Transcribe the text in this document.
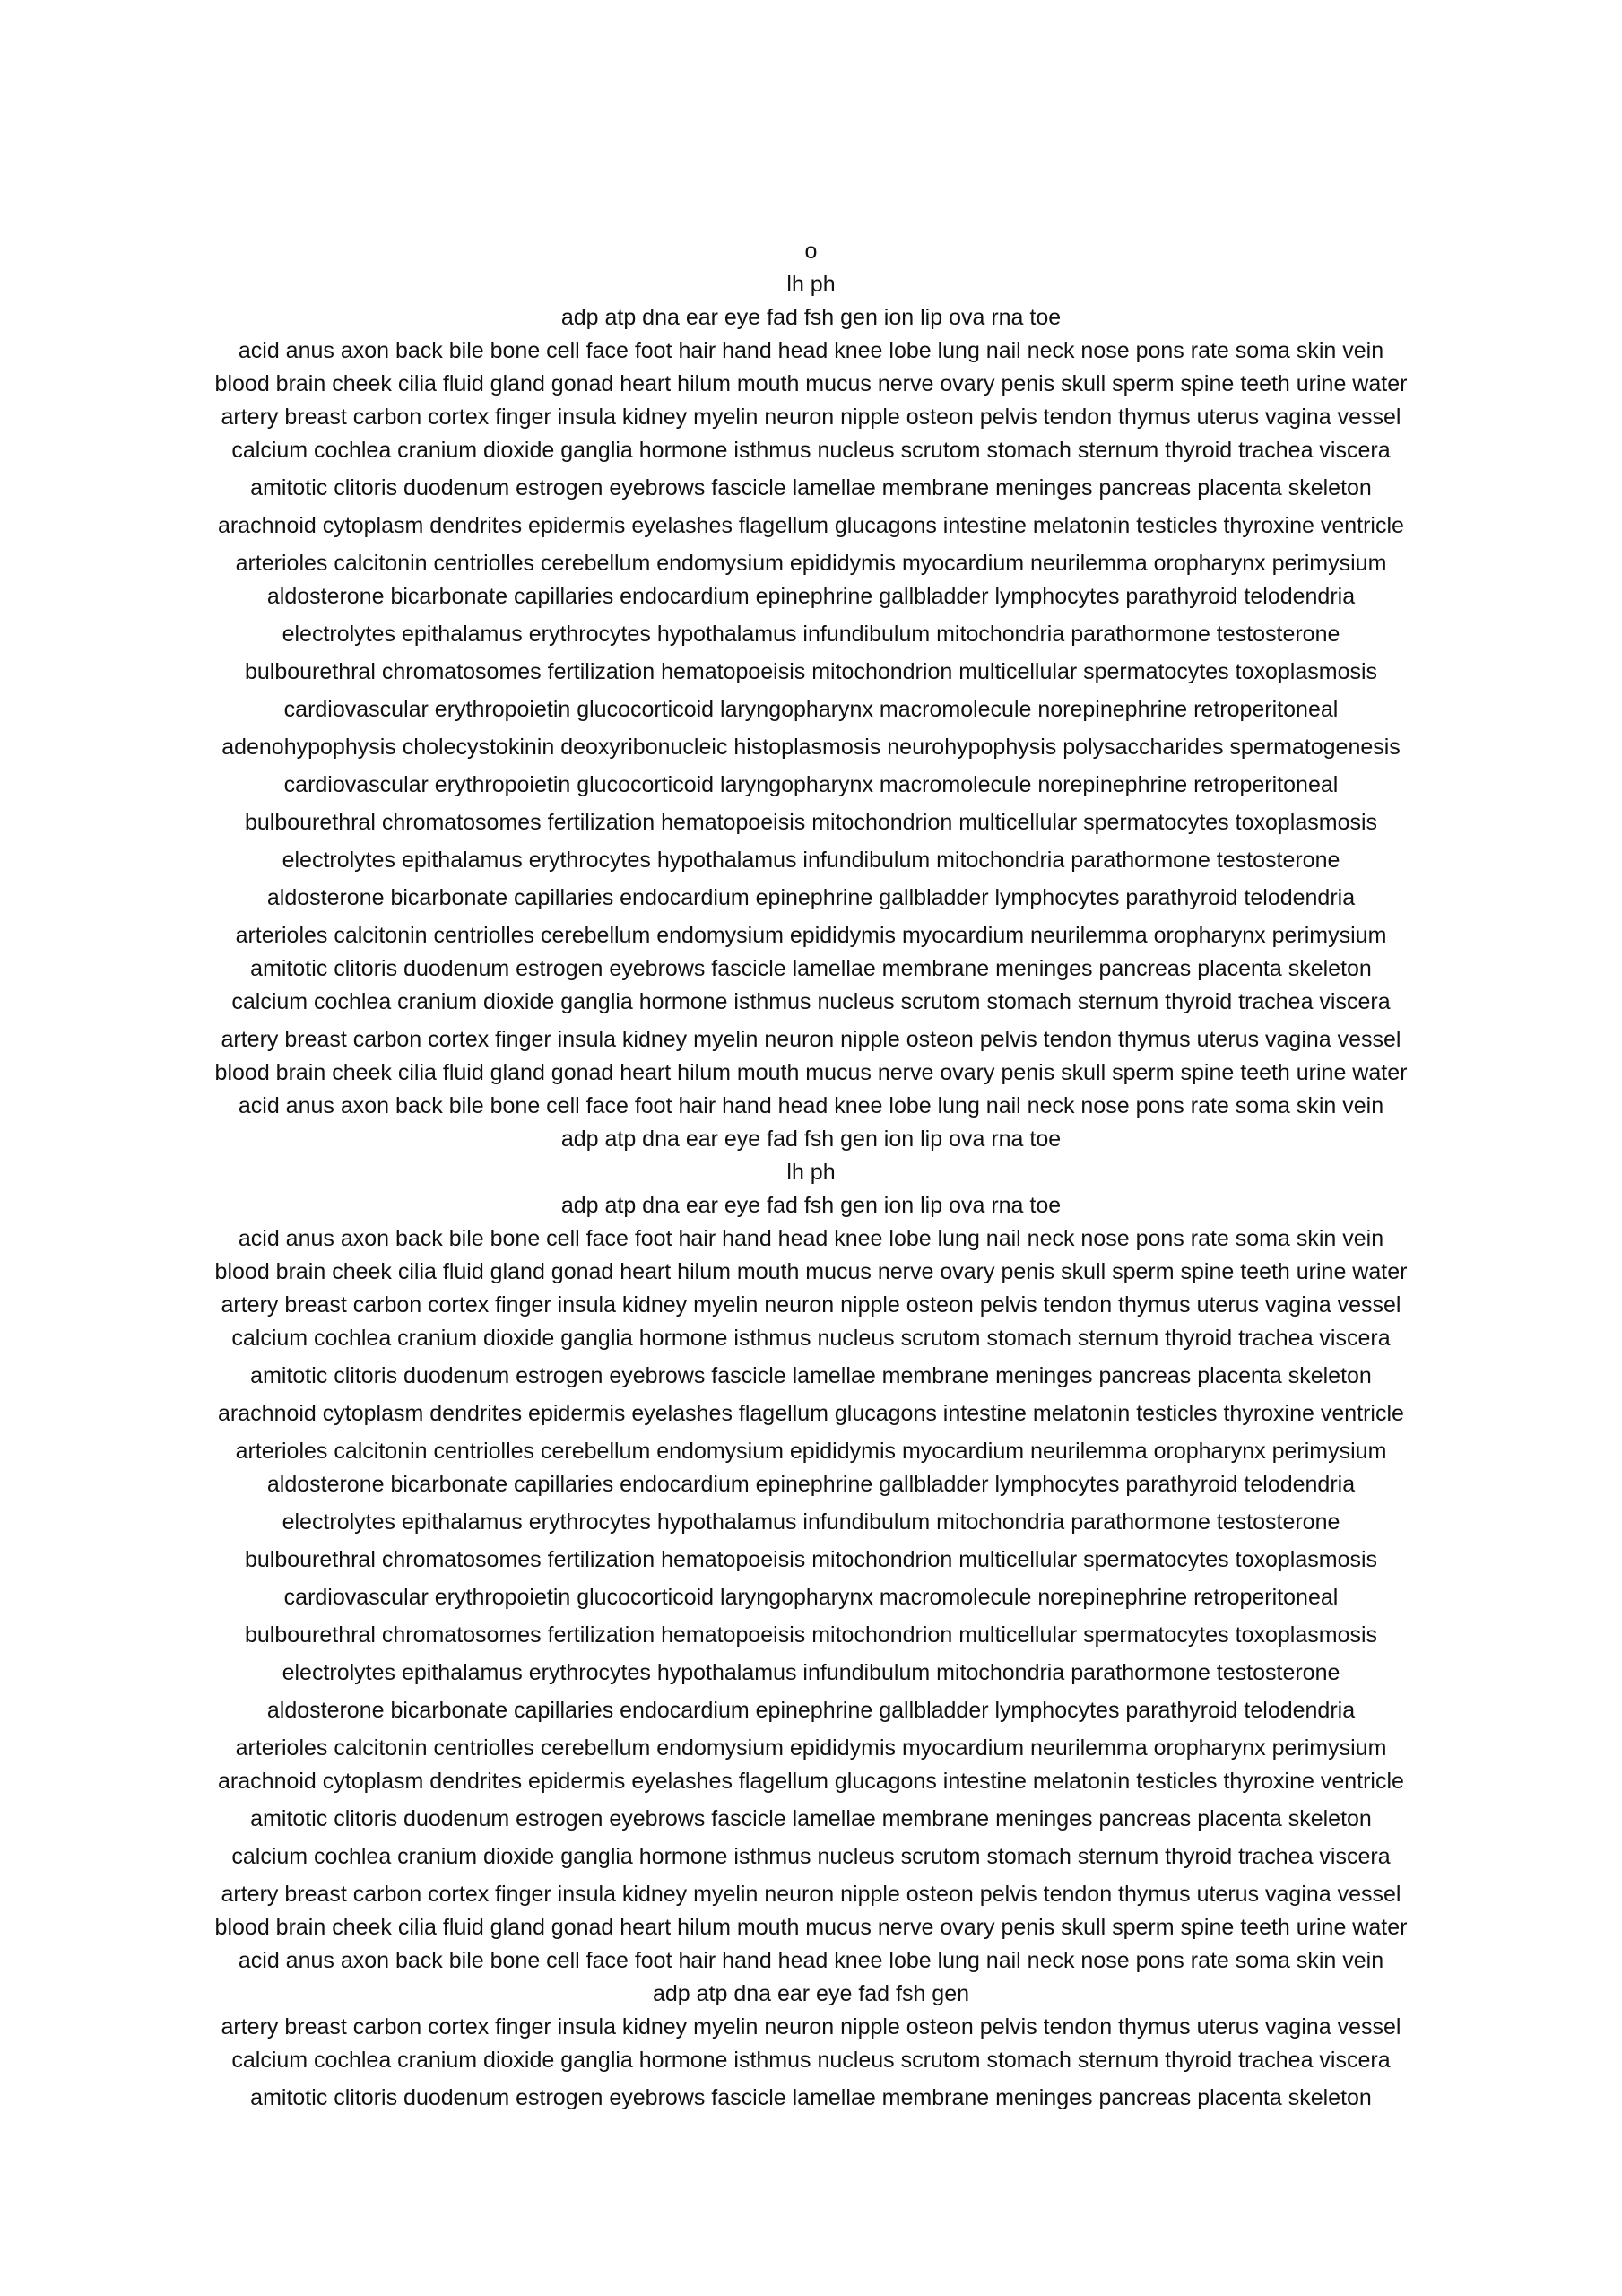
o
lh ph
adp atp dna ear eye fad fsh gen ion lip ova rna toe
acid anus axon back bile bone cell face foot hair hand head knee lobe lung nail neck nose pons rate soma skin vein
blood brain cheek cilia fluid gland gonad heart hilum mouth mucus nerve ovary penis skull sperm spine teeth urine water
artery breast carbon cortex finger insula kidney myelin neuron nipple osteon pelvis tendon thymus uterus vagina vessel
calcium cochlea cranium dioxide ganglia hormone isthmus nucleus scrutom stomach sternum thyroid trachea viscera
amitotic clitoris duodenum estrogen eyebrows fascicle lamellae membrane meninges pancreas placenta skeleton
arachnoid cytoplasm dendrites epidermis eyelashes flagellum glucagons intestine melatonin testicles thyroxine ventricle
arterioles calcitonin centriolles cerebellum endomysium epididymis myocardium neurilemma oropharynx perimysium
aldosterone bicarbonate capillaries endocardium epinephrine gallbladder lymphocytes parathyroid telodendria
electrolytes epithalamus erythrocytes hypothalamus infundibulum mitochondria parathormone testosterone
bulbourethral chromatosomes fertilization hematopoeisis mitochondrion multicellular spermatocytes toxoplasmosis
cardiovascular erythropoietin glucocorticoid laryngopharynx macromolecule norepinephrine retroperitoneal
adenohypophysis cholecystokinin deoxyribonucleic histoplasmosis neurohypophysis polysaccharides spermatogenesis
cardiovascular erythropoietin glucocorticoid laryngopharynx macromolecule norepinephrine retroperitoneal
bulbourethral chromatosomes fertilization hematopoeisis mitochondrion multicellular spermatocytes toxoplasmosis
electrolytes epithalamus erythrocytes hypothalamus infundibulum mitochondria parathormone testosterone
aldosterone bicarbonate capillaries endocardium epinephrine gallbladder lymphocytes parathyroid telodendria
arterioles calcitonin centriolles cerebellum endomysium epididymis myocardium neurilemma oropharynx perimysium
amitotic clitoris duodenum estrogen eyebrows fascicle lamellae membrane meninges pancreas placenta skeleton
calcium cochlea cranium dioxide ganglia hormone isthmus nucleus scrutom stomach sternum thyroid trachea viscera
artery breast carbon cortex finger insula kidney myelin neuron nipple osteon pelvis tendon thymus uterus vagina vessel
blood brain cheek cilia fluid gland gonad heart hilum mouth mucus nerve ovary penis skull sperm spine teeth urine water
acid anus axon back bile bone cell face foot hair hand head knee lobe lung nail neck nose pons rate soma skin vein
adp atp dna ear eye fad fsh gen ion lip ova rna toe
lh ph
adp atp dna ear eye fad fsh gen ion lip ova rna toe
acid anus axon back bile bone cell face foot hair hand head knee lobe lung nail neck nose pons rate soma skin vein
blood brain cheek cilia fluid gland gonad heart hilum mouth mucus nerve ovary penis skull sperm spine teeth urine water
artery breast carbon cortex finger insula kidney myelin neuron nipple osteon pelvis tendon thymus uterus vagina vessel
calcium cochlea cranium dioxide ganglia hormone isthmus nucleus scrutom stomach sternum thyroid trachea viscera
amitotic clitoris duodenum estrogen eyebrows fascicle lamellae membrane meninges pancreas placenta skeleton
arachnoid cytoplasm dendrites epidermis eyelashes flagellum glucagons intestine melatonin testicles thyroxine ventricle
arterioles calcitonin centriolles cerebellum endomysium epididymis myocardium neurilemma oropharynx perimysium
aldosterone bicarbonate capillaries endocardium epinephrine gallbladder lymphocytes parathyroid telodendria
electrolytes epithalamus erythrocytes hypothalamus infundibulum mitochondria parathormone testosterone
bulbourethral chromatosomes fertilization hematopoeisis mitochondrion multicellular spermatocytes toxoplasmosis
cardiovascular erythropoietin glucocorticoid laryngopharynx macromolecule norepinephrine retroperitoneal
bulbourethral chromatosomes fertilization hematopoeisis mitochondrion multicellular spermatocytes toxoplasmosis
electrolytes epithalamus erythrocytes hypothalamus infundibulum mitochondria parathormone testosterone
aldosterone bicarbonate capillaries endocardium epinephrine gallbladder lymphocytes parathyroid telodendria
arterioles calcitonin centriolles cerebellum endomysium epididymis myocardium neurilemma oropharynx perimysium
arachnoid cytoplasm dendrites epidermis eyelashes flagellum glucagons intestine melatonin testicles thyroxine ventricle
amitotic clitoris duodenum estrogen eyebrows fascicle lamellae membrane meninges pancreas placenta skeleton
calcium cochlea cranium dioxide ganglia hormone isthmus nucleus scrutom stomach sternum thyroid trachea viscera
artery breast carbon cortex finger insula kidney myelin neuron nipple osteon pelvis tendon thymus uterus vagina vessel
blood brain cheek cilia fluid gland gonad heart hilum mouth mucus nerve ovary penis skull sperm spine teeth urine water
acid anus axon back bile bone cell face foot hair hand head knee lobe lung nail neck nose pons rate soma skin vein
adp atp dna ear eye fad fsh gen
artery breast carbon cortex finger insula kidney myelin neuron nipple osteon pelvis tendon thymus uterus vagina vessel
calcium cochlea cranium dioxide ganglia hormone isthmus nucleus scrutom stomach sternum thyroid trachea viscera
amitotic clitoris duodenum estrogen eyebrows fascicle lamellae membrane meninges pancreas placenta skeleton
